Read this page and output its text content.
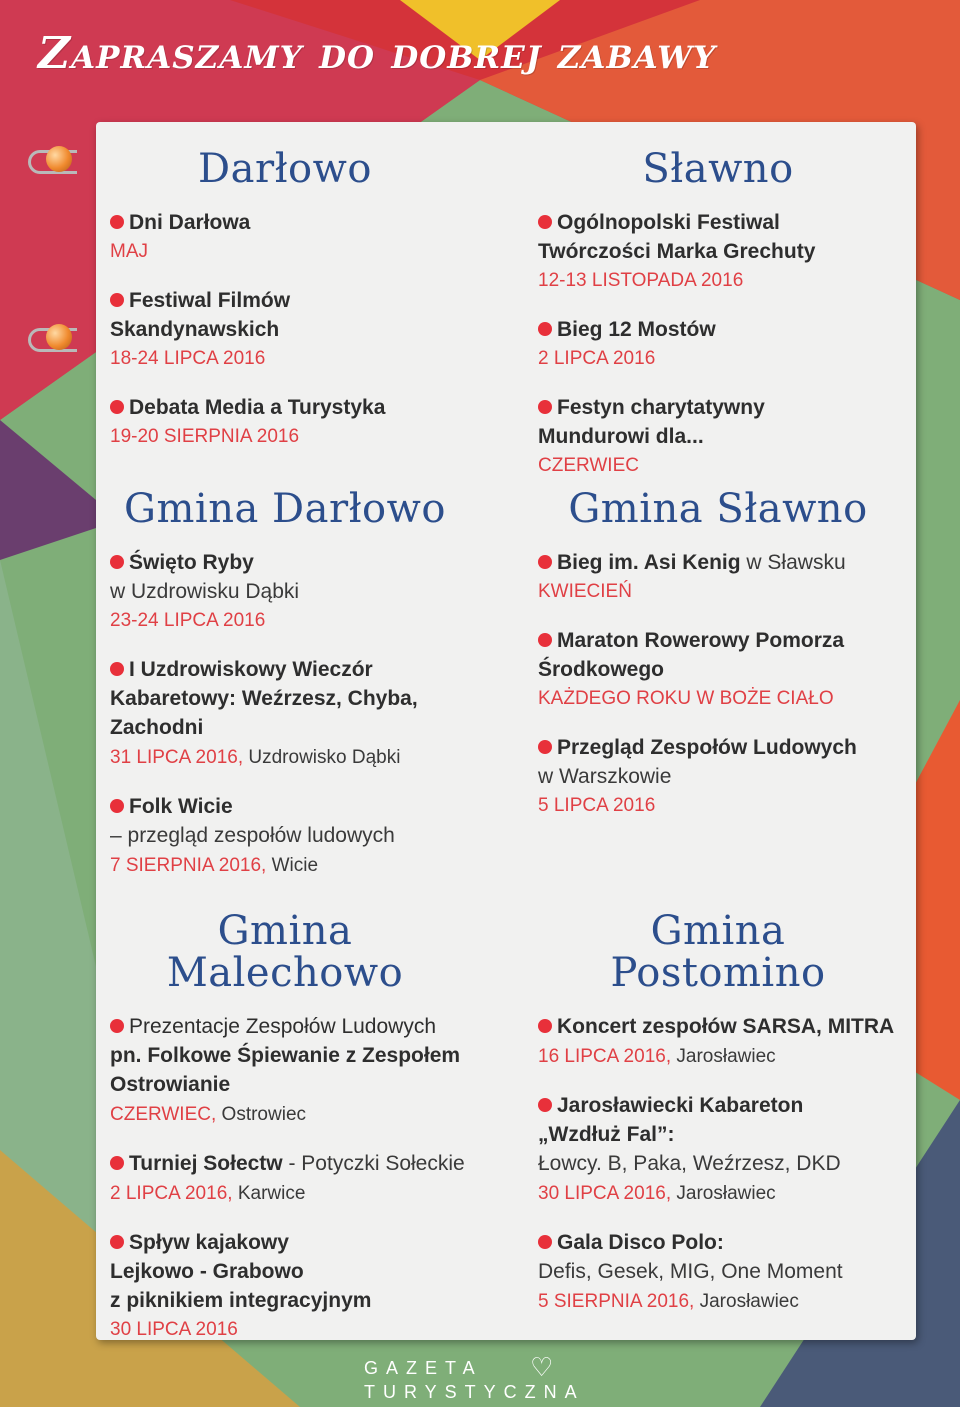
Zapraszamy do dobrej zabawy
Darłowo
Dni Darłowa
MAJ
Festiwal Filmów
Skandynawskich
18-24 LIPCA 2016
Debata Media a Turystyka
19-20 SIERPNIA 2016
Gmina Darłowo
Święto Ryby
w Uzdrowisku Dąbki
23-24 LIPCA 2016
I Uzdrowiskowy Wieczór
Kabaretowy: Weźrzesz, Chyba,
Zachodni
31 LIPCA 2016, Uzdrowisko Dąbki
Folk Wicie
– przegląd zespołów ludowych
7 SIERPNIA 2016, Wicie
Gmina
Malechowo
Prezentacje Zespołów Ludowych
pn. Folkowe Śpiewanie z Zespołem
Ostrowianie
CZERWIEC, Ostrowiec
Turniej Sołectw - Potyczki Sołeckie
2 LIPCA 2016, Karwice
Spływ kajakowy
Lejkowo - Grabowo
z piknikiem integracyjnym
30 LIPCA 2016
Sławno
Ogólnopolski Festiwal
Twórczości Marka Grechuty
12-13 LISTOPADA 2016
Bieg 12 Mostów
2 LIPCA 2016
Festyn charytatywny
Mundurowi dla...
CZERWIEC
Gmina Sławno
Bieg im. Asi Kenig w Sławsku
KWIECIEŃ
Maraton Rowerowy Pomorza
Środkowego
KAŻDEGO ROKU W BOŻE CIAŁO
Przegląd Zespołów Ludowych
w Warszkowie
5 LIPCA 2016
Gmina
Postomino
Koncert zespołów SARSA, MITRA
16 LIPCA 2016, Jarosławiec
Jarosławiecki Kabareton
„Wzdłuż Fal”:
Łowcy. B, Paka, Weźrzesz, DKD
30 LIPCA 2016, Jarosławiec
Gala Disco Polo:
Defis, Gesek, MIG, One Moment
5 SIERPNIA 2016, Jarosławiec
GAZETA
TURYSTYCZNA
♡
